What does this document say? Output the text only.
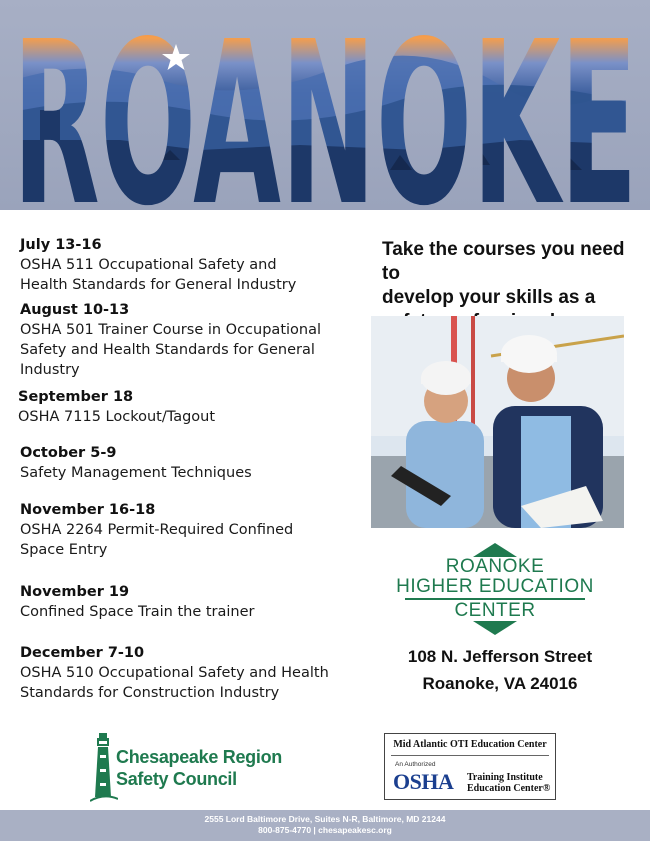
July 13-16
OSHA 511 Occupational Safety and
Health Standards for General Industry
August 10-13
OSHA 501 Trainer Course in Occupational
Safety and Health Standards for General
Industry
September 18
OSHA 7115 Lockout/Tagout
October 5-9
Safety Management Techniques
November 16-18
OSHA 2264 Permit-Required Confined
Space Entry
November 19
Confined Space Train the trainer
December 7-10
OSHA 510 Occupational Safety and Health
Standards for Construction Industry
Take the courses you need to
develop your skills as a
ROANOKE
HIGHER EDUCATION
CENTER
108 N. Jefferson Street
Roanoke, VA 24016
Chesapeake Region
Safety Council
Mid Atlantic OTI Education Center
An Authorized
OSHA Training Institute
Education Center®
2555 Lord Baltimore Drive, Suites N-R, Baltimore, MD 21244
800-875-4770 | chesapeakesc.org
